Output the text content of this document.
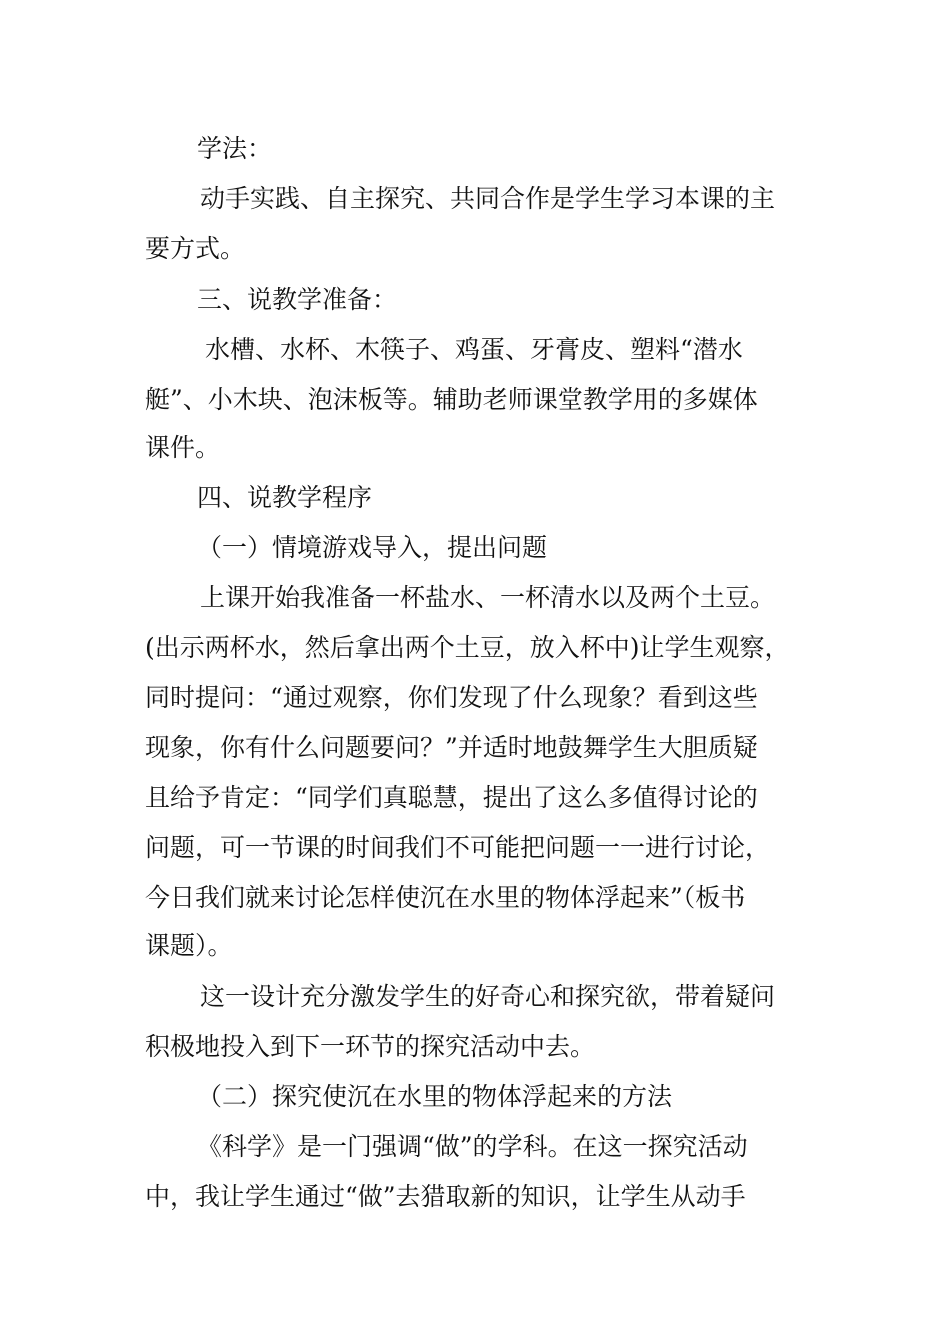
学法：

动手实践、自主探究、共同合作是学生学习本课的主

要方式。

三、说教学准备：

水槽、水杯、木筷子、鸡蛋、牙膏皮、塑料“潜水

艇”、小木块、泡沫板等。辅助老师课堂教学用的多媒体

课件。

四、说教学程序

（一）情境游戏导入，提出问题

上课开始我准备一杯盐水、一杯清水以及两个土豆。

(出示两杯水，然后拿出两个土豆，放入杯中)让学生观察，

同时提问：“通过观察，你们发现了什么现象？看到这些

现象，你有什么问题要问？”并适时地鼓舞学生大胆质疑

且给予肯定：“同学们真聪慧，提出了这么多值得讨论的

问题，可一节课的时间我们不可能把问题一一进行讨论，

今日我们就来讨论怎样使沉在水里的物体浮起来”（板书

课题）。

这一设计充分激发学生的好奇心和探究欲，带着疑问

积极地投入到下一环节的探究活动中去。

（二）探究使沉在水里的物体浮起来的方法

《科学》是一门强调“做”的学科。在这一探究活动

中，我让学生通过“做”去猎取新的知识，让学生从动手
